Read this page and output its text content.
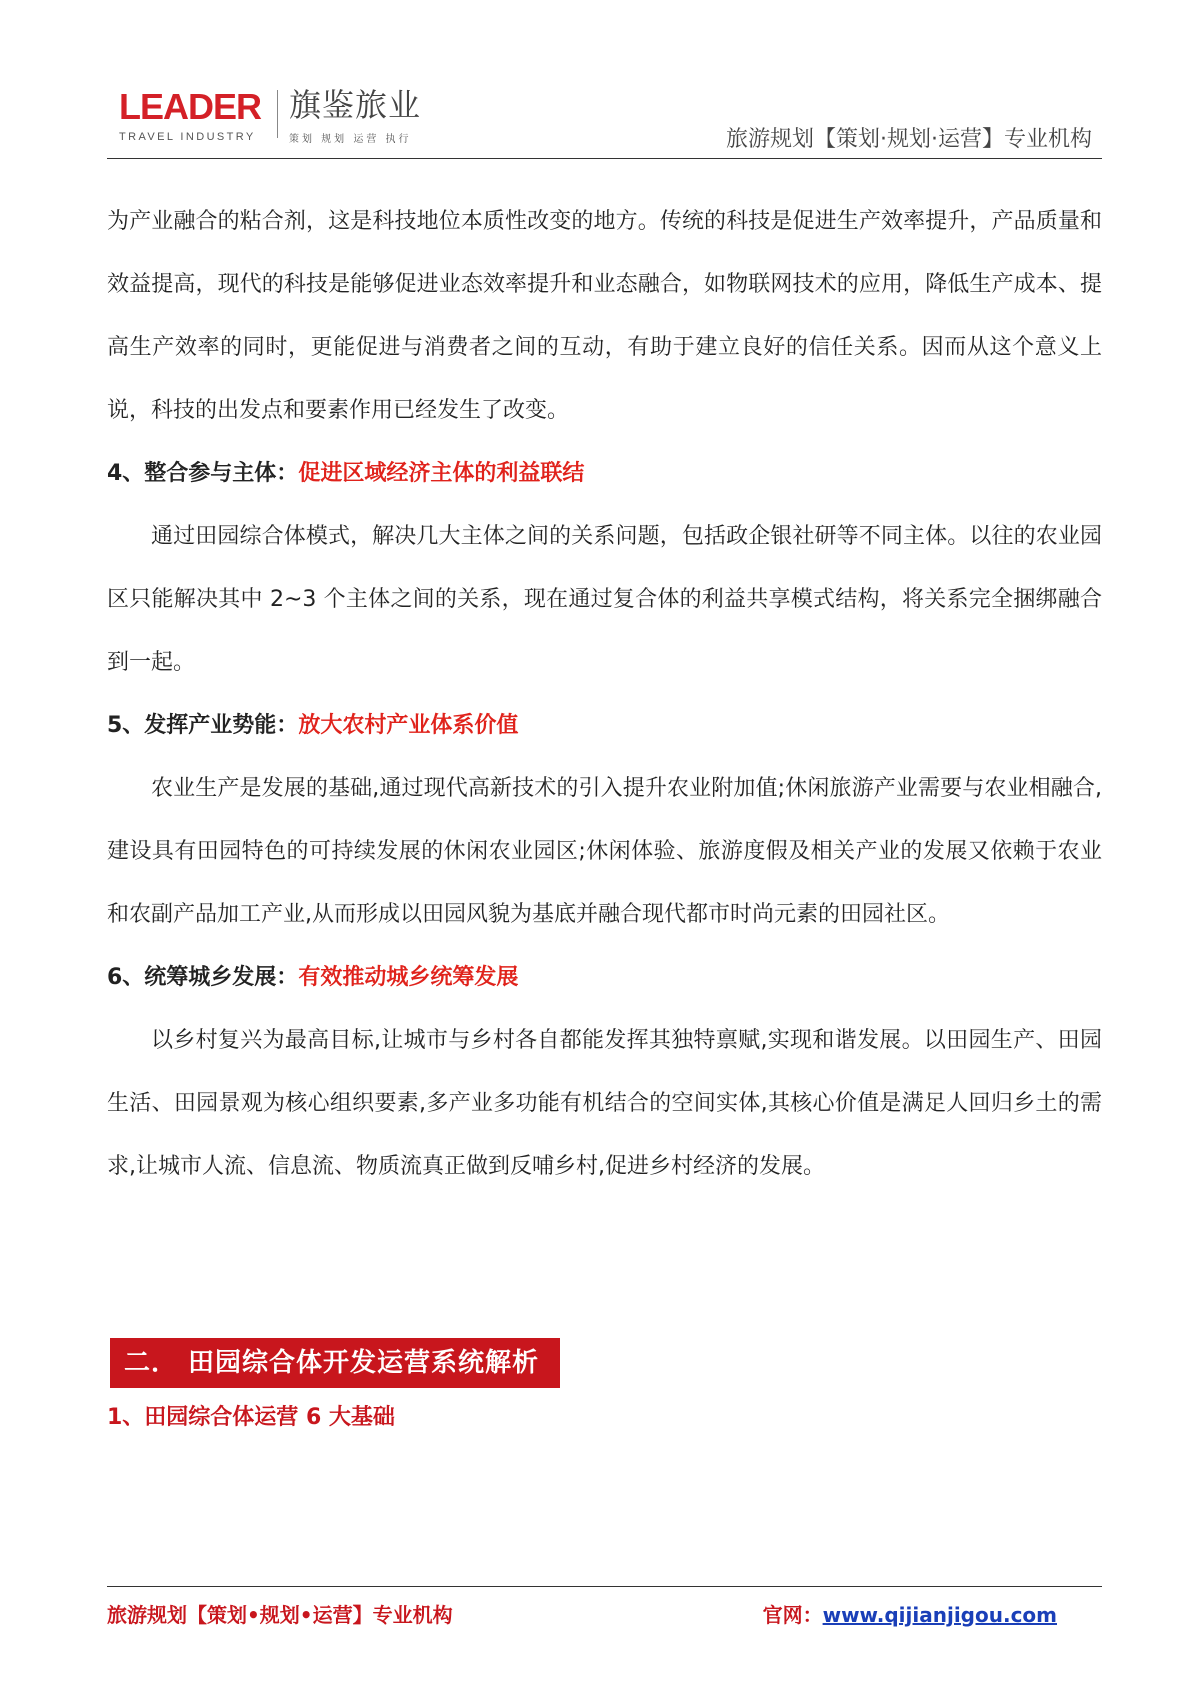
LEADER
TRAVEL INDUSTRY
旗鉴旅业
策划 规划 运营 执行	旅游规划【策划·规划·运营】专业机构

为产业融合的粘合剂，这是科技地位本质性改变的地方。传统的科技是促进生产效率提升，产品质量和效益提高，现代的科技是能够促进业态效率提升和业态融合，如物联网技术的应用，降低生产成本、提高生产效率的同时，更能促进与消费者之间的互动，有助于建立良好的信任关系。因而从这个意义上说，科技的出发点和要素作用已经发生了改变。

4、整合参与主体：促进区域经济主体的利益联结

通过田园综合体模式，解决几大主体之间的关系问题，包括政企银社研等不同主体。以往的农业园区只能解决其中 2~3 个主体之间的关系，现在通过复合体的利益共享模式结构，将关系完全捆绑融合到一起。

5、发挥产业势能：放大农村产业体系价值

农业生产是发展的基础,通过现代高新技术的引入提升农业附加值;休闲旅游产业需要与农业相融合,建设具有田园特色的可持续发展的休闲农业园区;休闲体验、旅游度假及相关产业的发展又依赖于农业和农副产品加工产业,从而形成以田园风貌为基底并融合现代都市时尚元素的田园社区。

6、统筹城乡发展：有效推动城乡统筹发展

以乡村复兴为最高目标,让城市与乡村各自都能发挥其独特禀赋,实现和谐发展。以田园生产、田园生活、田园景观为核心组织要素,多产业多功能有机结合的空间实体,其核心价值是满足人回归乡土的需求,让城市人流、信息流、物质流真正做到反哺乡村,促进乡村经济的发展。

二． 田园综合体开发运营系统解析
1、田园综合体运营 6 大基础
旅游规划【策划•规划•运营】专业机构	官网：www.qijianjigou.com
